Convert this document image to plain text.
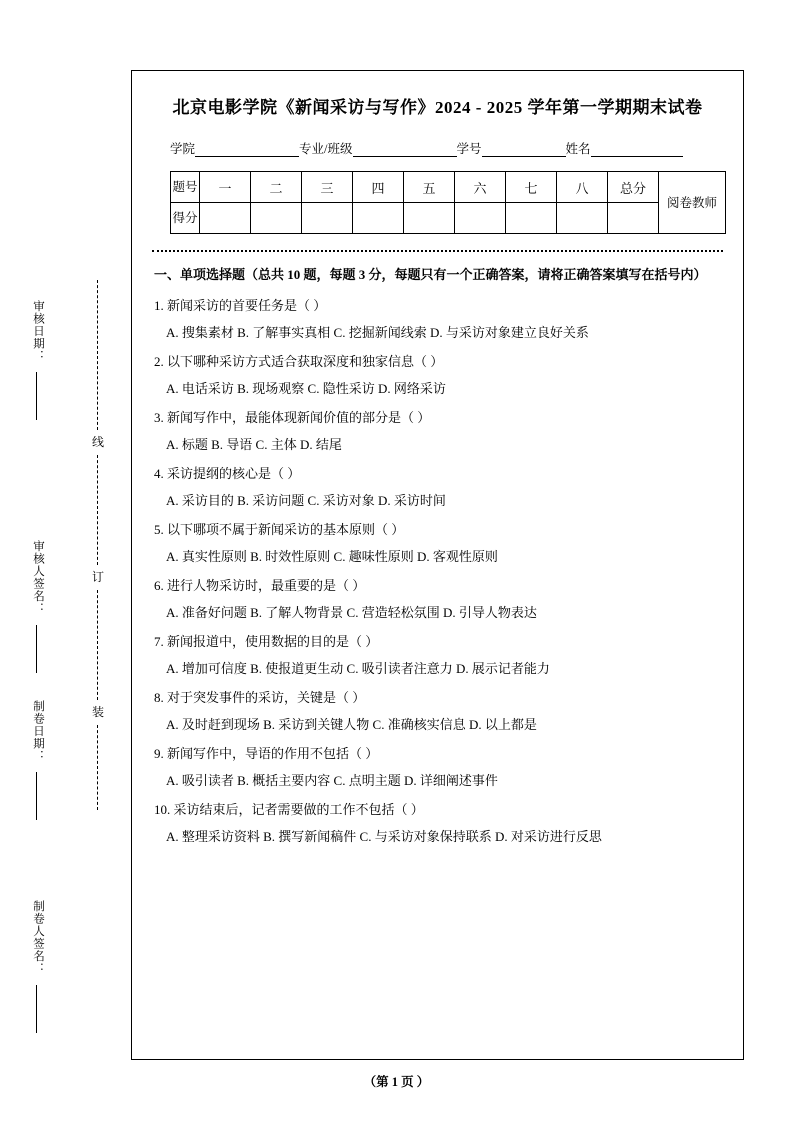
审核日期：
审核人签名：
制卷日期：
制卷人签名：
线
订
装
北京电影学院《新闻采访与写作》2024 - 2025 学年第一学期期末试卷
学院	专业/班级	学号	姓名
题号	一	二	三	四	五	六	七	八	总分	阅卷教师
得分										
一、单项选择题（总共 10 题，每题 3 分，每题只有一个正确答案，请将正确答案填写在括号内）
1. 新闻采访的首要任务是（ ）
A. 搜集素材 B. 了解事实真相 C. 挖掘新闻线索 D. 与采访对象建立良好关系
2. 以下哪种采访方式适合获取深度和独家信息（ ）
A. 电话采访 B. 现场观察 C. 隐性采访 D. 网络采访
3. 新闻写作中，最能体现新闻价值的部分是（ ）
A. 标题 B. 导语 C. 主体 D. 结尾
4. 采访提纲的核心是（ ）
A. 采访目的 B. 采访问题 C. 采访对象 D. 采访时间
5. 以下哪项不属于新闻采访的基本原则（ ）
A. 真实性原则 B. 时效性原则 C. 趣味性原则 D. 客观性原则
6. 进行人物采访时，最重要的是（ ）
A. 准备好问题 B. 了解人物背景 C. 营造轻松氛围 D. 引导人物表达
7. 新闻报道中，使用数据的目的是（ ）
A. 增加可信度 B. 使报道更生动 C. 吸引读者注意力 D. 展示记者能力
8. 对于突发事件的采访，关键是（ ）
A. 及时赶到现场 B. 采访到关键人物 C. 准确核实信息 D. 以上都是
9. 新闻写作中，导语的作用不包括（ ）
A. 吸引读者 B. 概括主要内容 C. 点明主题 D. 详细阐述事件
10. 采访结束后，记者需要做的工作不包括（ ）
A. 整理采访资料 B. 撰写新闻稿件 C. 与采访对象保持联系 D. 对采访进行反思
（第 1 页 ）
